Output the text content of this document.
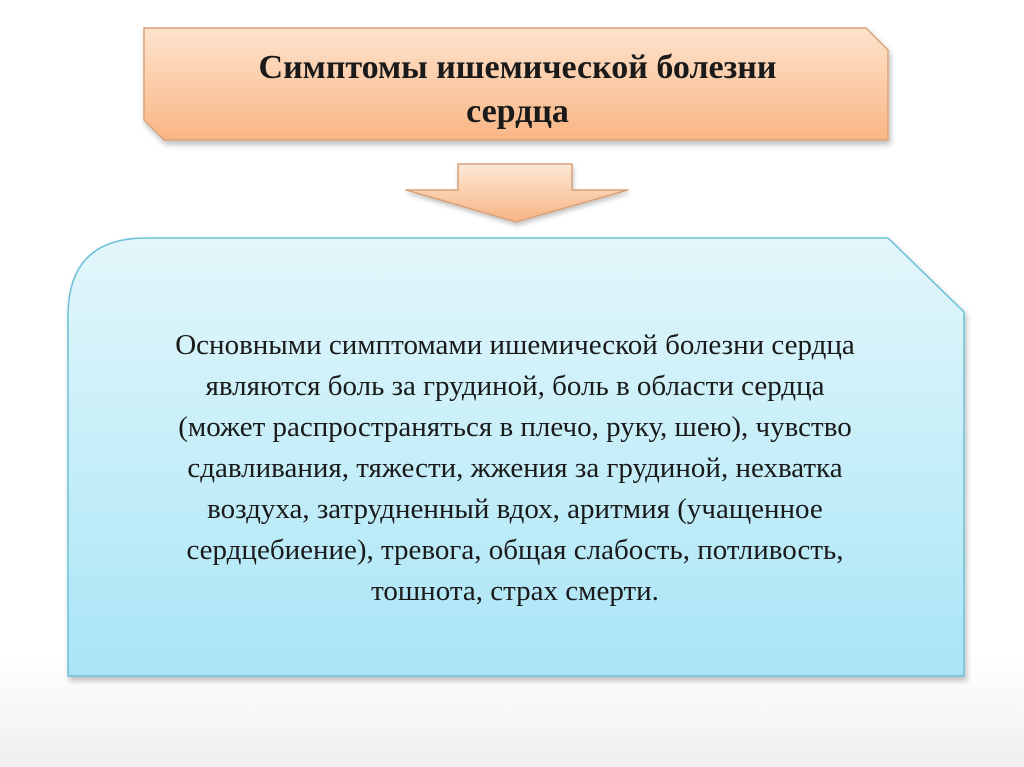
Симптомы ишемической болезни
сердца
Основными симптомами ишемической болезни сердца
являются боль за грудиной, боль в области сердца
(может распространяться в плечо, руку, шею), чувство
сдавливания, тяжести, жжения за грудиной, нехватка
воздуха, затрудненный вдох, аритмия (учащенное
сердцебиение), тревога, общая слабость, потливость,
тошнота, страх смерти.
